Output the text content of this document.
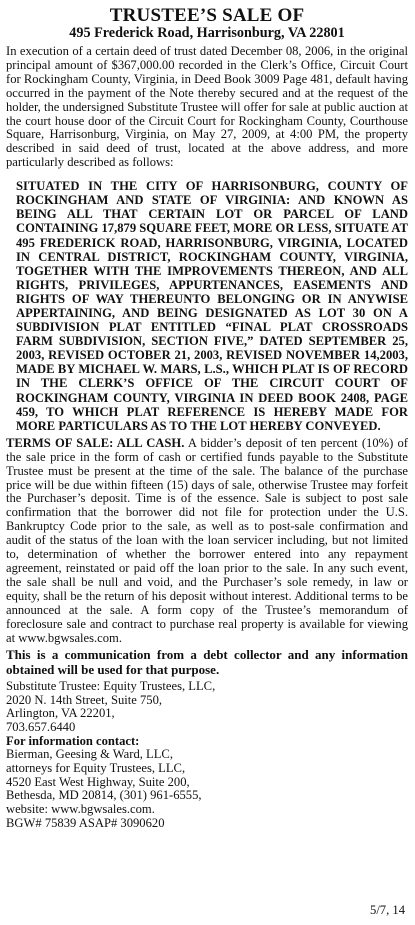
TRUSTEE’S SALE OF
495 Frederick Road, Harrisonburg, VA 22801

In execution of a certain deed of trust dated December 08, 2006, in the original principal amount of $367,000.00 recorded in the Clerk’s Office, Circuit Court for Rockingham County, Virginia, in Deed Book 3009 Page 481, default having occurred in the payment of the Note thereby secured and at the request of the holder, the undersigned Substitute Trustee will offer for sale at public auction at the court house door of the Circuit Court for Rockingham County, Courthouse Square, Harrisonburg, Virginia, on May 27, 2009, at 4:00 PM, the property described in said deed of trust, located at the above address, and more particularly described as follows:

SITUATED IN THE CITY OF HARRISONBURG, COUNTY OF ROCKINGHAM AND STATE OF VIRGINIA: AND KNOWN AS BEING ALL THAT CERTAIN LOT OR PARCEL OF LAND CONTAINING 17,879 SQUARE FEET, MORE OR LESS, SITUATE AT 495 FREDERICK ROAD, HARRISONBURG, VIRGINIA, LOCATED IN CENTRAL DISTRICT, ROCKINGHAM COUNTY, VIRGINIA, TOGETHER WITH THE IMPROVEMENTS THEREON, AND ALL RIGHTS, PRIVILEGES, APPURTENANCES, EASEMENTS AND RIGHTS OF WAY THEREUNTO BELONGING OR IN ANYWISE APPERTAINING, AND BEING DESIGNATED AS LOT 30 ON A SUBDIVISION PLAT ENTITLED “FINAL PLAT CROSSROADS FARM SUBDIVISION, SECTION FIVE,” DATED SEPTEMBER 25, 2003, REVISED OCTOBER 21, 2003, REVISED NOVEMBER 14,2003, MADE BY MICHAEL W. MARS, L.S., WHICH PLAT IS OF RECORD IN THE CLERK’S OFFICE OF THE CIRCUIT COURT OF ROCKINGHAM COUNTY, VIRGINIA IN DEED BOOK 2408, PAGE 459, TO WHICH PLAT REFERENCE IS HEREBY MADE FOR MORE PARTICULARS AS TO THE LOT HEREBY CONVEYED.

TERMS OF SALE: ALL CASH. A bidder’s deposit of ten percent (10%) of the sale price in the form of cash or certified funds payable to the Substitute Trustee must be present at the time of the sale. The balance of the purchase price will be due within fifteen (15) days of sale, otherwise Trustee may forfeit the Purchaser’s deposit. Time is of the essence. Sale is subject to post sale confirmation that the borrower did not file for protection under the U.S. Bankruptcy Code prior to the sale, as well as to post-sale confirmation and audit of the status of the loan with the loan servicer including, but not limited to, determination of whether the borrower entered into any repayment agreement, reinstated or paid off the loan prior to the sale. In any such event, the sale shall be null and void, and the Purchaser’s sole remedy, in law or equity, shall be the return of his deposit without interest. Additional terms to be announced at the sale. A form copy of the Trustee’s memorandum of foreclosure sale and contract to purchase real property is available for viewing at www.bgwsales.com.

This is a communication from a debt collector and any information obtained will be used for that purpose.

Substitute Trustee: Equity Trustees, LLC,
2020 N. 14th Street, Suite 750,
Arlington, VA 22201,
703.657.6440
For information contact:
Bierman, Geesing & Ward, LLC,
attorneys for Equity Trustees, LLC,
4520 East West Highway, Suite 200,
Bethesda, MD 20814, (301) 961-6555,
website: www.bgwsales.com.
BGW# 75839 ASAP# 3090620
5/7, 14
